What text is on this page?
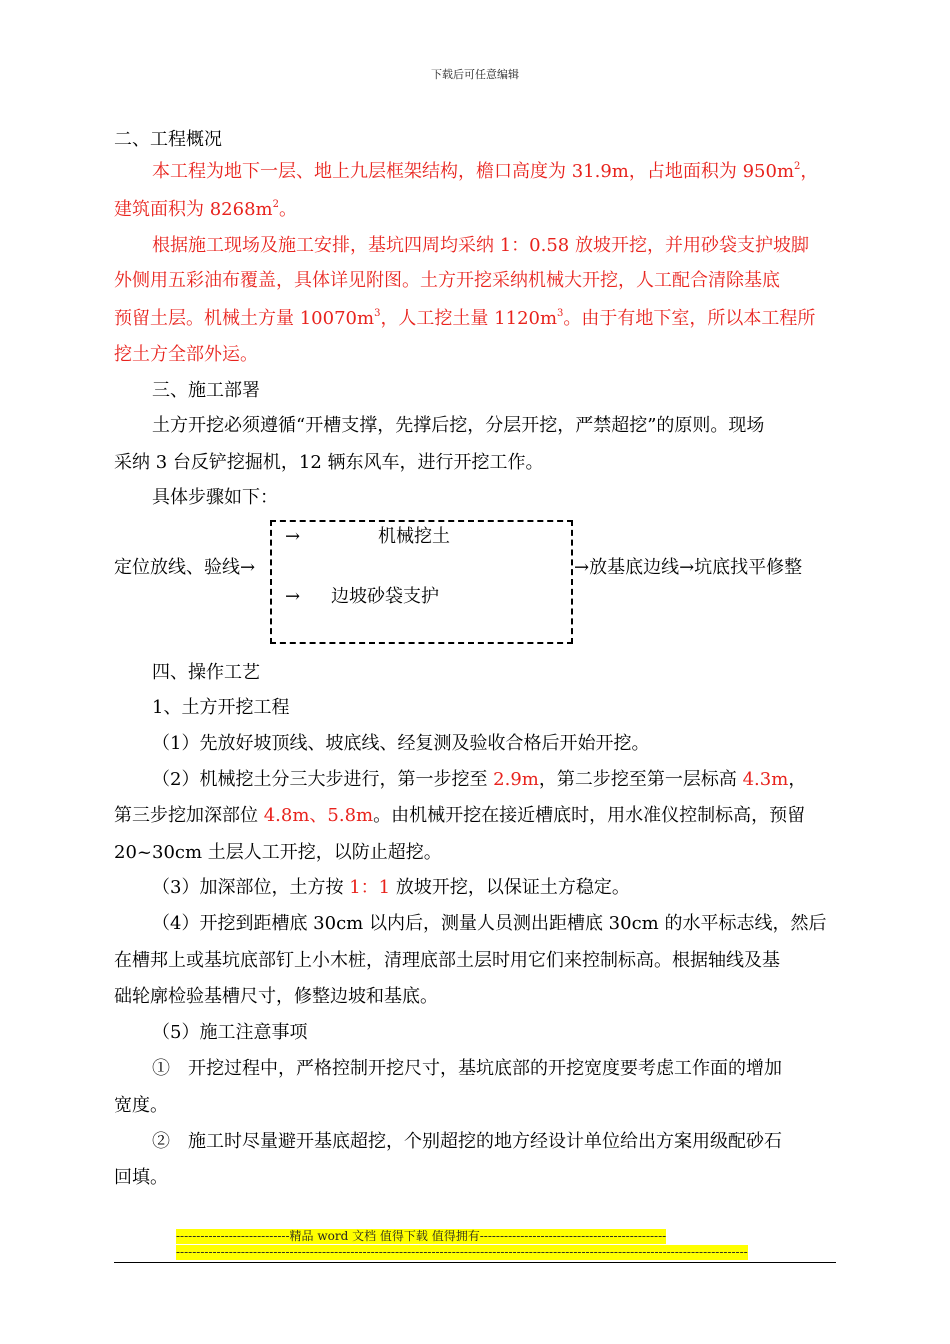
下载后可任意编辑
二、工程概况
本工程为地下一层、地上九层框架结构，檐口高度为 31.9m，占地面积为 $950m^2$，
建筑面积为 $8268m^2$。
根据施工现场及施工安排，基坑四周均采纳 1：0.58 放坡开挖，并用砂袋支护坡脚
外侧用五彩油布覆盖，具体详见附图。土方开挖采纳机械大开挖，人工配合清除基底
预留土层。机械土方量 $10070m^3$，人工挖土量 $1120m^3$。由于有地下室，所以本工程所
挖土方全部外运。
三、施工部署
土方开挖必须遵循“开槽支撑，先撑后挖，分层开挖，严禁超挖”的原则。现场
采纳 3 台反铲挖掘机，12 辆东风车，进行开挖工作。
具体步骤如下：
定位放线、验线→
→	机械挖土
→ 边坡砂袋支护
→放基底边线→坑底找平修整
四、操作工艺
1、土方开挖工程
（1）先放好坡顶线、坡底线、经复测及验收合格后开始开挖。
（2）机械挖土分三大步进行，第一步挖至 2.9m，第二步挖至第一层标高 4.3m，
第三步挖加深部位 4.8m、5.8m。由机械开挖在接近槽底时，用水准仪控制标高，预留
20~30cm 土层人工开挖，以防止超挖。
（3）加深部位，土方按 1：1 放坡开挖，以保证土方稳定。
（4）开挖到距槽底 30cm 以内后，测量人员测出距槽底 30cm 的水平标志线，然后
在槽邦上或基坑底部钉上小木桩，清理底部土层时用它们来控制标高。根据轴线及基
础轮廓检验基槽尺寸，修整边坡和基底。
（5）施工注意事项
①　开挖过程中，严格控制开挖尺寸，基坑底部的开挖宽度要考虑工作面的增加
宽度。
②　施工时尽量避开基底超挖，个别超挖的地方经设计单位给出方案用级配砂石
回填。
----------------------------精品 word 文档 值得下载 值得拥有----------------------------------------------
---------------------------------------------------------------------------------------------------------------------------------------------
